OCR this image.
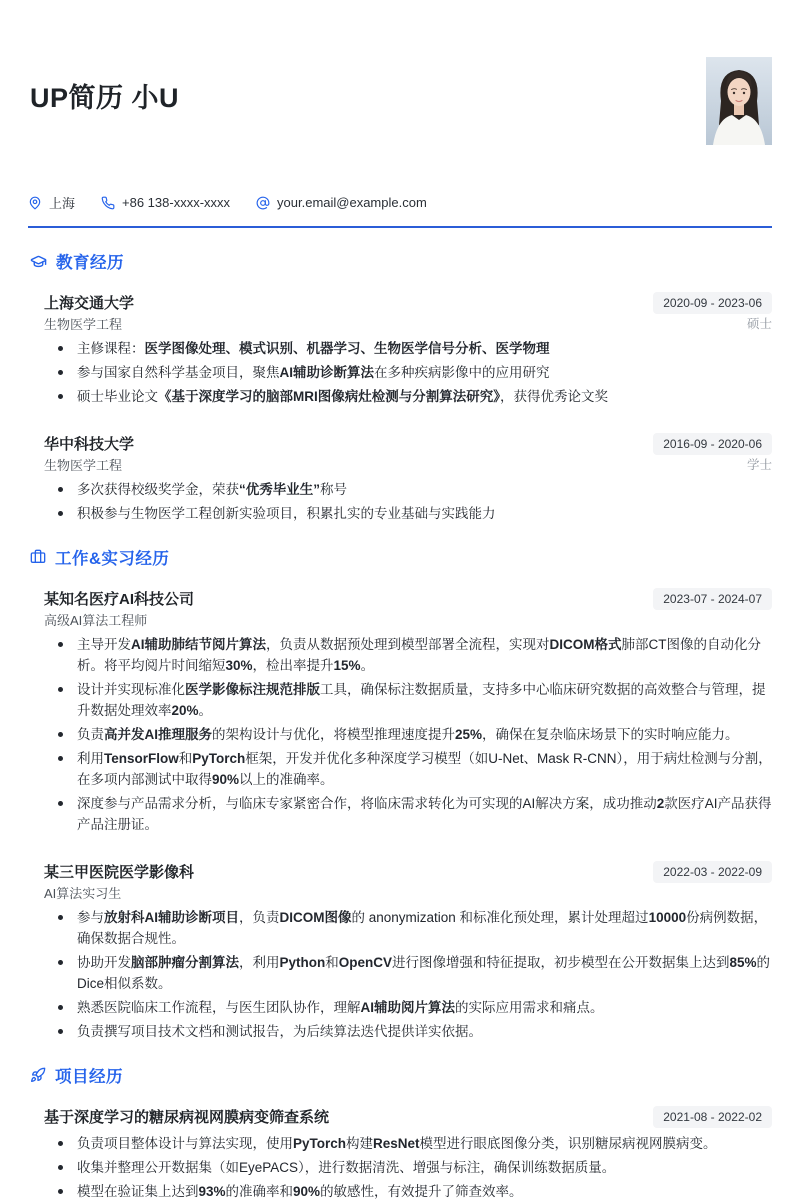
UP简历 小U
上海	+86 138-xxxx-xxxx	your.email@example.com
教育经历
上海交通大学	2020-09 - 2023-06
生物医学工程	硕士
主修课程：医学图像处理、模式识别、机器学习、生物医学信号分析、医学物理
参与国家自然科学基金项目，聚焦AI辅助诊断算法在多种疾病影像中的应用研究
硕士毕业论文《基于深度学习的脑部MRI图像病灶检测与分割算法研究》，获得优秀论文奖
华中科技大学	2016-09 - 2020-06
生物医学工程	学士
多次获得校级奖学金，荣获“优秀毕业生”称号
积极参与生物医学工程创新实验项目，积累扎实的专业基础与实践能力
工作&实习经历
某知名医疗AI科技公司	2023-07 - 2024-07
高级AI算法工程师
主导开发AI辅助肺结节阅片算法，负责从数据预处理到模型部署全流程，实现对DICOM格式肺部CT图像的自动化分析。将平均阅片时间缩短30%，检出率提升15%。
设计并实现标准化医学影像标注规范排版工具，确保标注数据质量，支持多中心临床研究数据的高效整合与管理，提升数据处理效率20%。
负责高并发AI推理服务的架构设计与优化，将模型推理速度提升25%，确保在复杂临床场景下的实时响应能力。
利用TensorFlow和PyTorch框架，开发并优化多种深度学习模型（如U-Net、Mask R-CNN），用于病灶检测与分割，在多项内部测试中取得90%以上的准确率。
深度参与产品需求分析，与临床专家紧密合作，将临床需求转化为可实现的AI解决方案，成功推动2款医疗AI产品获得产品注册证。
某三甲医院医学影像科	2022-03 - 2022-09
AI算法实习生
参与放射科AI辅助诊断项目，负责DICOM图像的 anonymization 和标准化预处理，累计处理超过10000份病例数据，确保数据合规性。
协助开发脑部肿瘤分割算法，利用Python和OpenCV进行图像增强和特征提取，初步模型在公开数据集上达到85%的Dice相似系数。
熟悉医院临床工作流程，与医生团队协作，理解AI辅助阅片算法的实际应用需求和痛点。
负责撰写项目技术文档和测试报告，为后续算法迭代提供详实依据。
项目经历
基于深度学习的糖尿病视网膜病变筛查系统	2021-08 - 2022-02
负责项目整体设计与算法实现，使用PyTorch构建ResNet模型进行眼底图像分类，识别糖尿病视网膜病变。
收集并整理公开数据集（如EyePACS），进行数据清洗、增强与标注，确保训练数据质量。
模型在验证集上达到93%的准确率和90%的敏感性，有效提升了筛查效率。
